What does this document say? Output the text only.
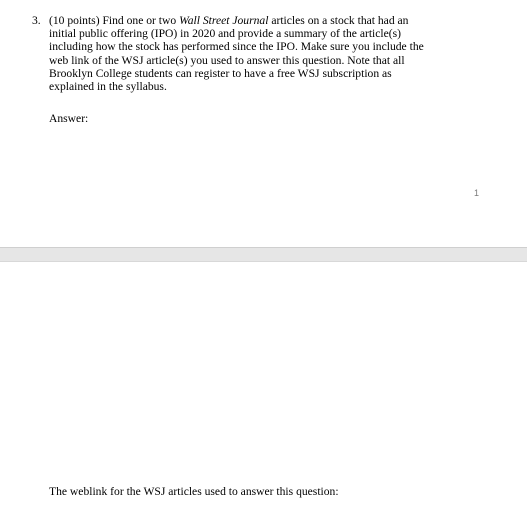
3. (10 points) Find one or two Wall Street Journal articles on a stock that had an
initial public offering (IPO) in 2020 and provide a summary of the article(s)
including how the stock has performed since the IPO. Make sure you include the
web link of the WSJ article(s) you used to answer this question. Note that all
Brooklyn College students can register to have a free WSJ subscription as
explained in the syllabus.
Answer:
1
The weblink for the WSJ articles used to answer this question:
